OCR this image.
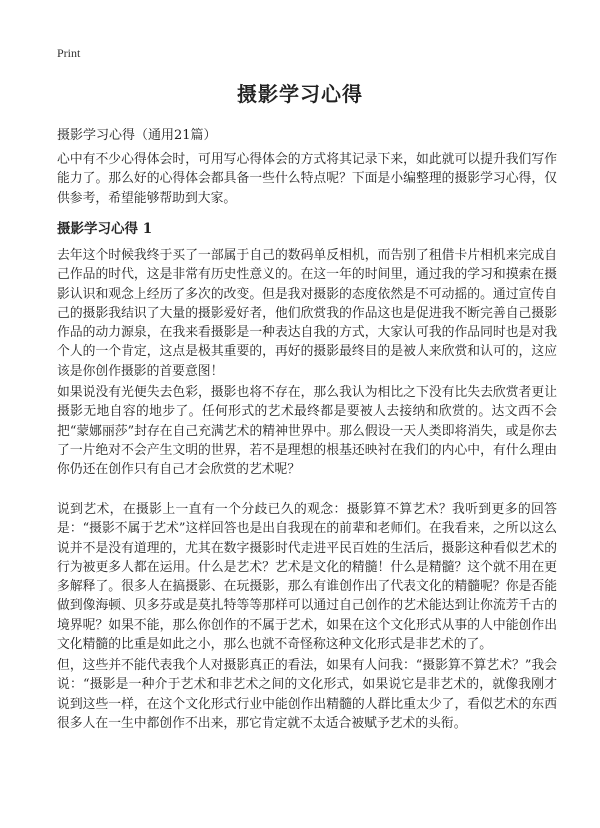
Print
摄影学习心得

摄影学习心得（通用21篇）

心中有不少心得体会时，可用写心得体会的方式将其记录下来，如此就可以提升我们写作能力了。那么好的心得体会都具备一些什么特点呢？下面是小编整理的摄影学习心得，仅供参考，希望能够帮助到大家。

摄影学习心得 1

去年这个时候我终于买了一部属于自己的数码单反相机，而告别了租借卡片相机来完成自己作品的时代，这是非常有历史性意义的。在这一年的时间里，通过我的学习和摸索在摄影认识和观念上经历了多次的改变。但是我对摄影的态度依然是不可动摇的。通过宣传自己的摄影我结识了大量的摄影爱好者，他们欣赏我的作品这也是促进我不断完善自己摄影作品的动力源泉，在我来看摄影是一种表达自我的方式，大家认可我的作品同时也是对我个人的一个肯定，这点是极其重要的，再好的摄影最终目的是被人来欣赏和认可的，这应该是你创作摄影的首要意图！

如果说没有光便失去色彩，摄影也将不存在，那么我认为相比之下没有比失去欣赏者更让摄影无地自容的地步了。任何形式的艺术最终都是要被人去接纳和欣赏的。达文西不会把“蒙娜丽莎”封存在自己充满艺术的精神世界中。那么假设一天人类即将消失，或是你去了一片绝对不会产生文明的世界，若不是理想的根基还映衬在我们的内心中，有什么理由你仍还在创作只有自己才会欣赏的艺术呢？

说到艺术，在摄影上一直有一个分歧已久的观念：摄影算不算艺术？我听到更多的回答是：“摄影不属于艺术”这样回答也是出自我现在的前辈和老师们。在我看来，之所以这么说并不是没有道理的，尤其在数字摄影时代走进平民百姓的生活后，摄影这种看似艺术的行为被更多人都在运用。什么是艺术？艺术是文化的精髓！什么是精髓？这个就不用在更多解释了。很多人在搞摄影、在玩摄影，那么有谁创作出了代表文化的精髓呢？你是否能做到像海顿、贝多芬或是莫扎特等等那样可以通过自己创作的艺术能达到让你流芳千古的境界呢？如果不能，那么你创作的不属于艺术，如果在这个文化形式从事的人中能创作出文化精髓的比重是如此之小，那么也就不奇怪称这种文化形式是非艺术的了。

但，这些并不能代表我个人对摄影真正的看法，如果有人问我：“摄影算不算艺术？”我会说：“摄影是一种介于艺术和非艺术之间的文化形式，如果说它是非艺术的，就像我刚才说到这些一样，在这个文化形式行业中能创作出精髓的人群比重太少了，看似艺术的东西很多人在一生中都创作不出来，那它肯定就不太适合被赋予艺术的头衔。
